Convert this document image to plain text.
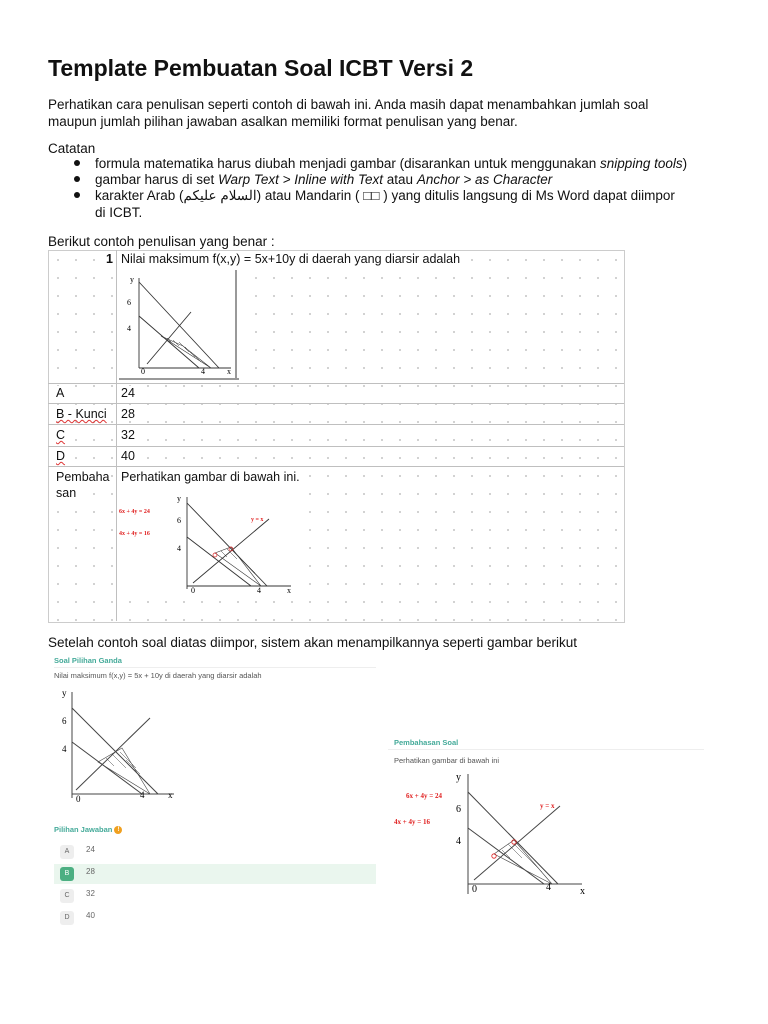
Template Pembuatan Soal ICBT Versi 2
Perhatikan cara penulisan seperti contoh di bawah ini. Anda masih dapat menambahkan jumlah soal
maupun jumlah pilihan jawaban asalkan memiliki format penulisan yang benar.
Catatan
formula matematika harus diubah menjadi gambar (disarankan untuk menggunakan snipping tools)
gambar harus di set Warp Text > Inline with Text atau Anchor > as Character
karakter Arab (السلام عليكم) atau Mandarin ( □□ ) yang ditulis langsung di Ms Word dapat diimpor
di ICBT.
Berikut contoh penulisan yang benar :
1 Nilai maksimum f(x,y) = 5x+10y di daerah yang diarsir adalah
y
6
4
0	4	x
A	24
B - Kunci 28
C	32
D	40
Pembaha
san
Perhatikan gambar di bawah ini.
y
6
4
0	4	x
6x + 4y = 24
4x + 4y = 16
y = x
Setelah contoh soal diatas diimpor, sistem akan menampilkannya seperti gambar berikut
Soal Pilihan Ganda
Nilai maksimum f(x,y) = 5x + 10y di daerah yang diarsir adalah
y
6
4
0	4	x
Pilihan Jawaban !
A	24
B	28
C	32
D	40
Pembahasan Soal
Perhatikan gambar di bawah ini
y
6
4
0	4	x
6x + 4y = 24
4x + 4y = 16
y = x
